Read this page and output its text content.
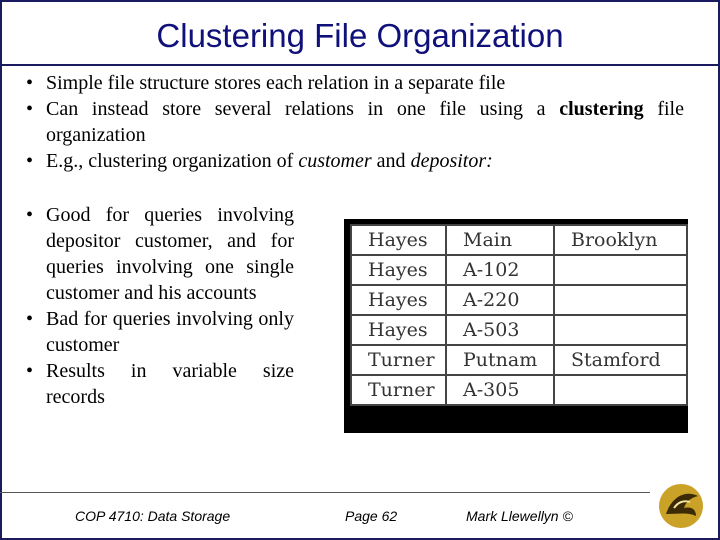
Clustering File Organization
• Simple file structure stores each relation in a separate file
• Can instead store several relations in one file using a clustering file organization
• E.g., clustering organization of customer and depositor:
• Good for queries involving depositor customer, and for queries involving one single customer and his accounts
• Bad for queries involving only customer
• Results in variable size records
Hayes	Main	Brooklyn
Hayes	A-102	
Hayes	A-220	
Hayes	A-503	
Turner	Putnam	Stamford
Turner	A-305	
COP 4710: Data Storage	Page 62	Mark Llewellyn ©
